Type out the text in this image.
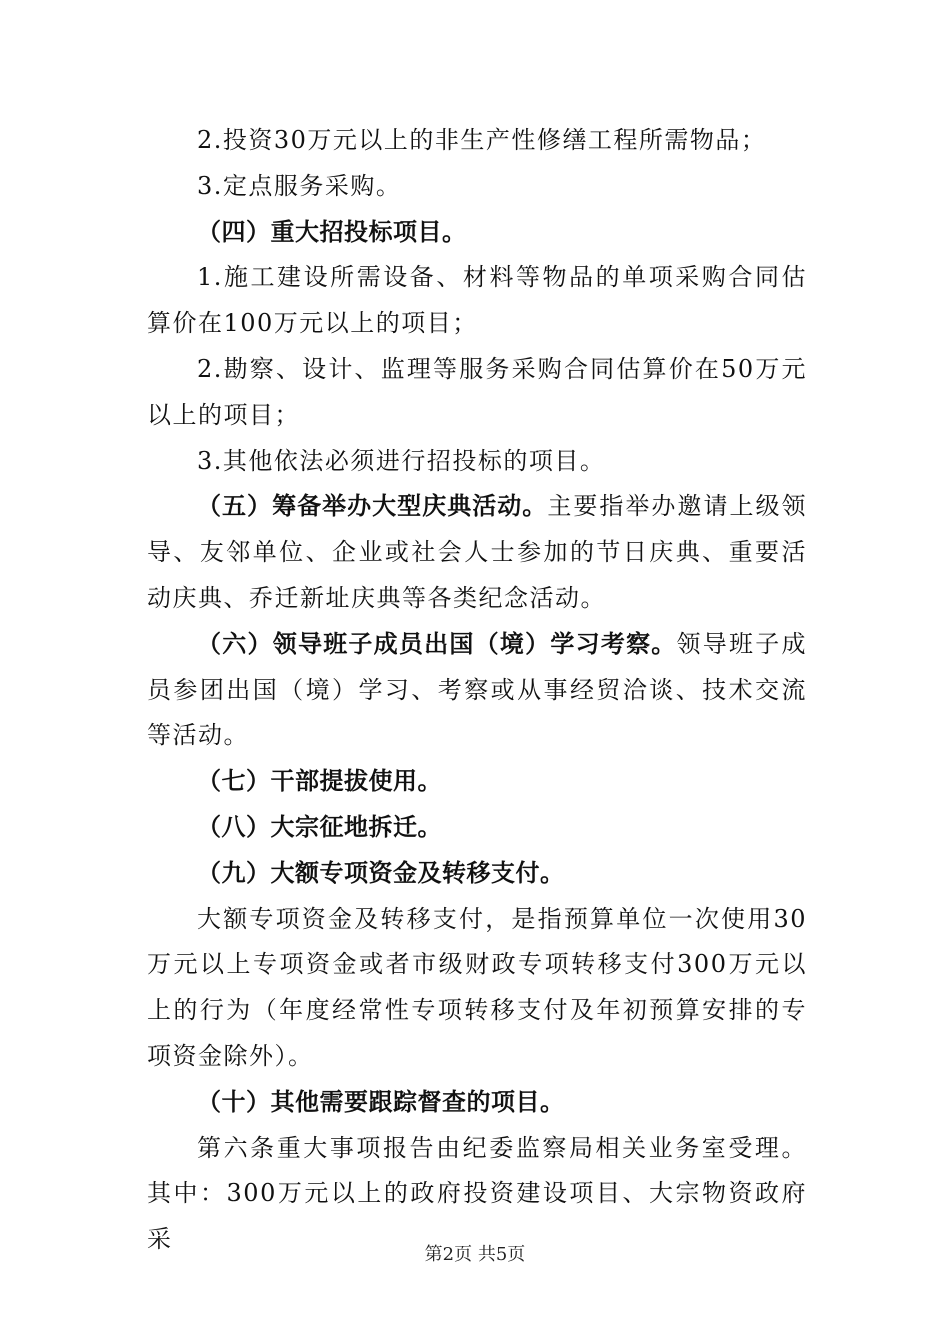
2.投资30万元以上的非生产性修缮工程所需物品；

3.定点服务采购。

（四）重大招投标项目。

1.施工建设所需设备、材料等物品的单项采购合同估算价在100万元以上的项目；

2.勘察、设计、监理等服务采购合同估算价在50万元以上的项目；

3.其他依法必须进行招投标的项目。

（五）筹备举办大型庆典活动。主要指举办邀请上级领导、友邻单位、企业或社会人士参加的节日庆典、重要活动庆典、乔迁新址庆典等各类纪念活动。

（六）领导班子成员出国（境）学习考察。领导班子成员参团出国（境）学习、考察或从事经贸洽谈、技术交流等活动。

（七）干部提拔使用。

（八）大宗征地拆迁。

（九）大额专项资金及转移支付。

大额专项资金及转移支付，是指预算单位一次使用30万元以上专项资金或者市级财政专项转移支付300万元以上的行为（年度经常性专项转移支付及年初预算安排的专项资金除外）。

（十）其他需要跟踪督查的项目。

第六条重大事项报告由纪委监察局相关业务室受理。其中：300万元以上的政府投资建设项目、大宗物资政府采

第2页 共5页
